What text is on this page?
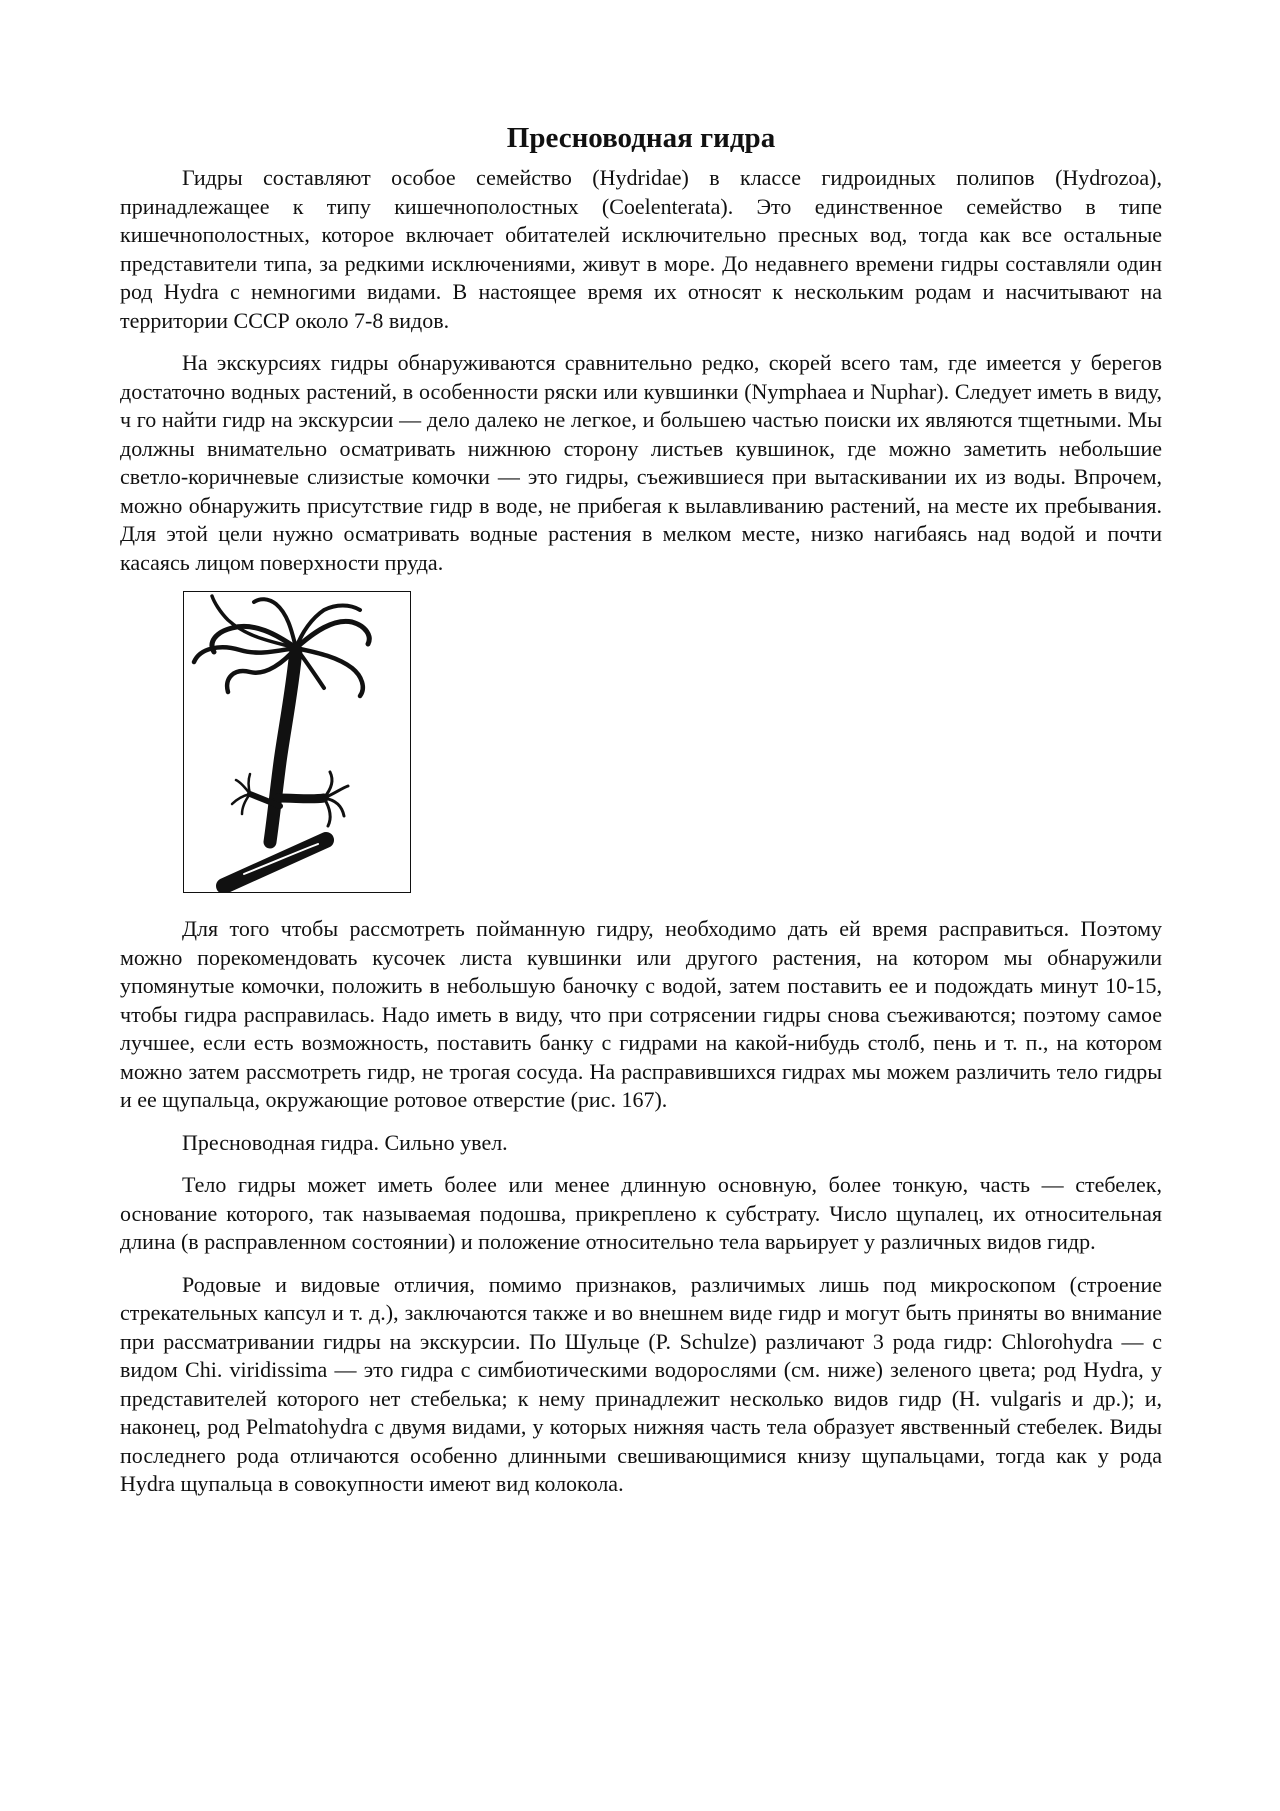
Пресноводная гидра

Гидры составляют особое семейство (Hydridae) в классе гидроидных полипов (Hydrozoa), принадлежащее к типу кишечнополостных (Coelenterata). Это единственное семейство в типе кишечнополостных, которое включает обитателей исключительно пресных вод, тогда как все остальные представители типа, за редкими исключениями, живут в море. До недавнего времени гидры составляли один род Hydra с немногими видами. В настоящее время их относят к нескольким родам и насчитывают на территории СССР около 7-8 видов.

На экскурсиях гидры обнаруживаются сравнительно редко, скорей всего там, где имеется у берегов достаточно водных растений, в особенности ряски или кувшинки (Nymphaea и Nuphar). Следует иметь в виду, ч го найти гидр на экскурсии — дело далеко не легкое, и большею частью поиски их являются тщетными. Мы должны внимательно осматривать нижнюю сторону листьев кувшинок, где можно заметить небольшие светло-коричневые слизистые комочки — это гидры, съежившиеся при вытаскивании их из воды. Впрочем, можно обнаружить присутствие гидр в воде, не прибегая к вылавливанию растений, на месте их пребывания. Для этой цели нужно осматривать водные растения в мелком месте, низко нагибаясь над водой и почти касаясь лицом поверхности пруда.

Для того чтобы рассмотреть пойманную гидру, необходимо дать ей время расправиться. Поэтому можно порекомендовать кусочек листа кувшинки или другого растения, на котором мы обнаружили упомянутые комочки, положить в небольшую баночку с водой, затем поставить ее и подождать минут 10-15, чтобы гидра расправилась. Надо иметь в виду, что при сотрясении гидры снова съеживаются; поэтому самое лучшее, если есть возможность, поставить банку с гидрами на какой-нибудь столб, пень и т. п., на котором можно затем рассмотреть гидр, не трогая сосуда. На расправившихся гидрах мы можем различить тело гидры и ее щупальца, окружающие ротовое отверстие (рис. 167).

Пресноводная гидра. Сильно увел.

Тело гидры может иметь более или менее длинную основную, более тонкую, часть — стебелек, основание которого, так называемая подошва, прикреплено к субстрату. Число щупалец, их относительная длина (в расправленном состоянии) и положение относительно тела варьирует у различных видов гидр.

Родовые и видовые отличия, помимо признаков, различимых лишь под микроскопом (строение стрекательных капсул и т. д.), заключаются также и во внешнем виде гидр и могут быть приняты во внимание при рассматривании гидры на экскурсии. По Шульце (P. Schulze) различают 3 рода гидр: Chlorohydra — с видом Chi. viridissima — это гидра с симбиотическими водорослями (см. ниже) зеленого цвета; род Hydra, у представителей которого нет стебелька; к нему принадлежит несколько видов гидр (H. vulgaris и др.); и, наконец, род Pelmatohydra с двумя видами, у которых нижняя часть тела образует явственный стебелек. Виды последнего рода отличаются особенно длинными свешивающимися книзу щупальцами, тогда как у рода Hydra щупальца в совокупности имеют вид колокола.
